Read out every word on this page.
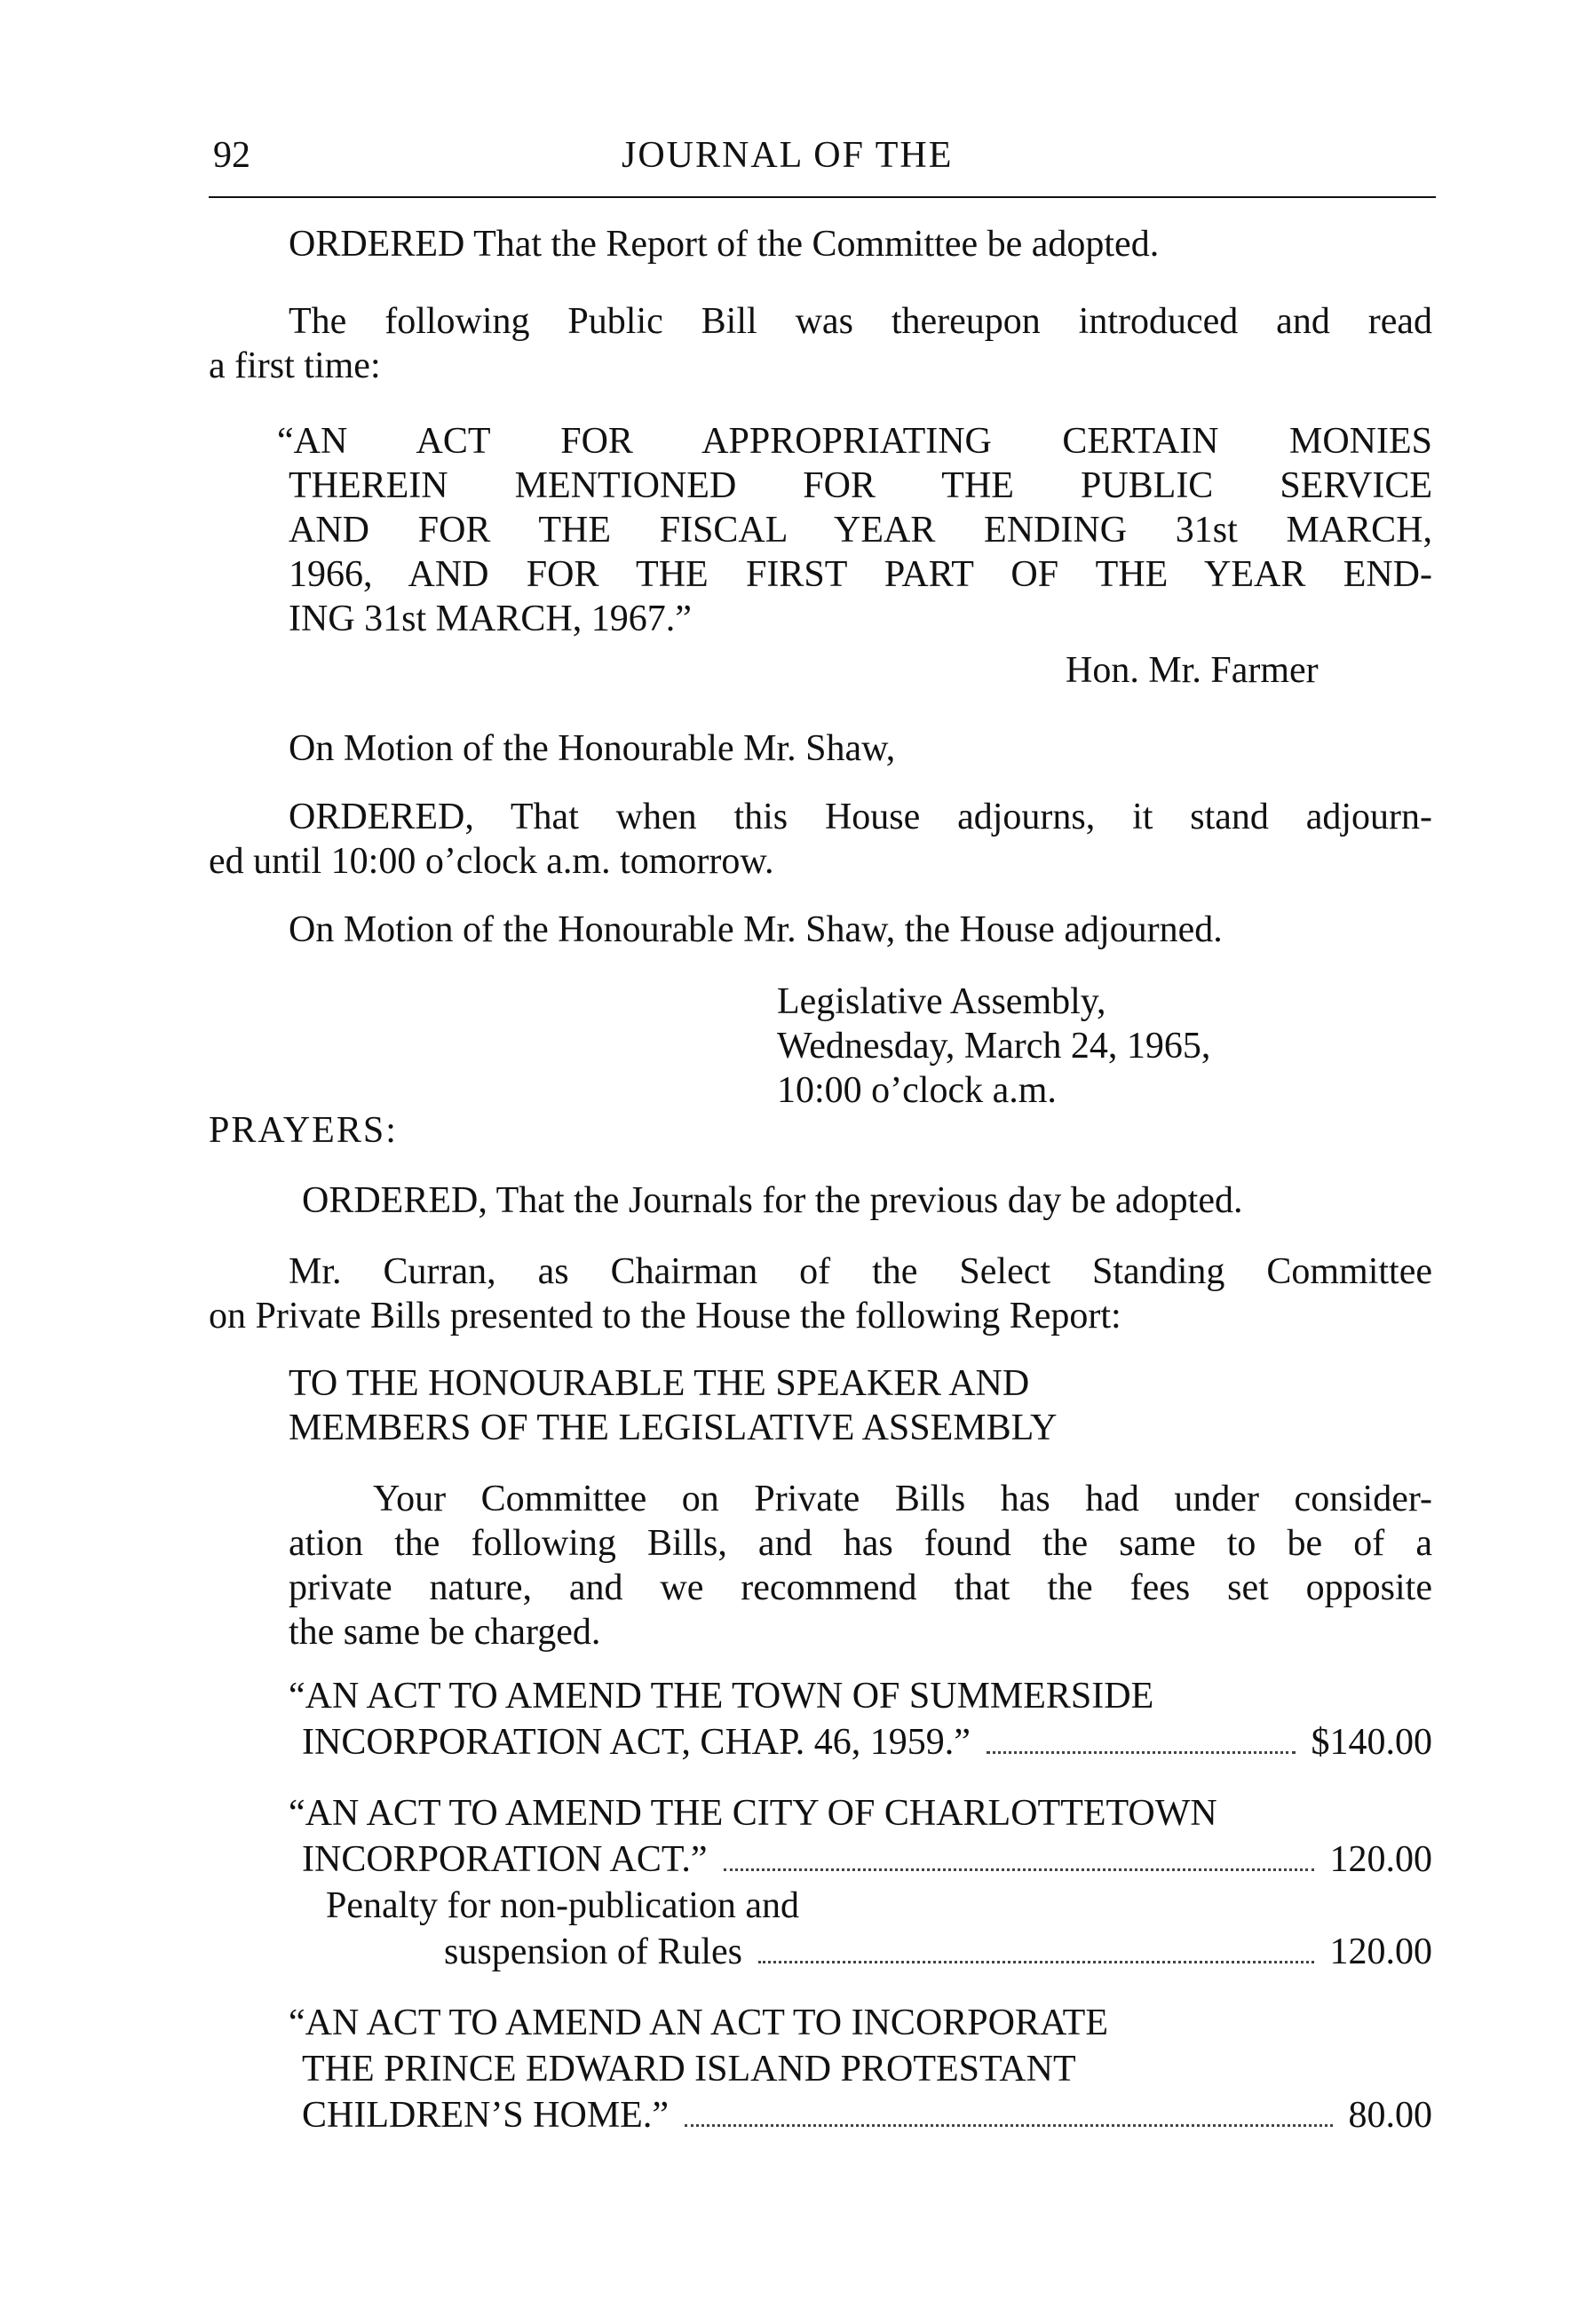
92	JOURNAL OF THE
ORDERED That the Report of the Committee be adopted.
The following Public Bill was thereupon introduced and read
a first time:
“AN ACT FOR APPROPRIATING CERTAIN MONIES
THEREIN MENTIONED FOR THE PUBLIC SERVICE
AND FOR THE FISCAL YEAR ENDING 31st MARCH,
1966, AND FOR THE FIRST PART OF THE YEAR END-
ING 31st MARCH, 1967.”
Hon. Mr. Farmer
On Motion of the Honourable Mr. Shaw,
ORDERED, That when this House adjourns, it stand adjourn-
ed until 10:00 o’clock a.m. tomorrow.
On Motion of the Honourable Mr. Shaw, the House adjourned.
Legislative Assembly,
Wednesday, March 24, 1965,
10:00 o’clock a.m.
PRAYERS:
ORDERED, That the Journals for the previous day be adopted.
Mr. Curran, as Chairman of the Select Standing Committee
on Private Bills presented to the House the following Report:
TO THE HONOURABLE THE SPEAKER AND
MEMBERS OF THE LEGISLATIVE ASSEMBLY
Your Committee on Private Bills has had under consider-
ation the following Bills, and has found the same to be of a
private nature, and we recommend that the fees set opposite
the same be charged.
“AN ACT TO AMEND THE TOWN OF SUMMERSIDE
INCORPORATION ACT, CHAP. 46, 1959.”	$140.00
“AN ACT TO AMEND THE CITY OF CHARLOTTETOWN
INCORPORATION ACT.”	120.00
Penalty for non-publication and
suspension of Rules	120.00
“AN ACT TO AMEND AN ACT TO INCORPORATE
THE PRINCE EDWARD ISLAND PROTESTANT
CHILDREN’S HOME.”	80.00
